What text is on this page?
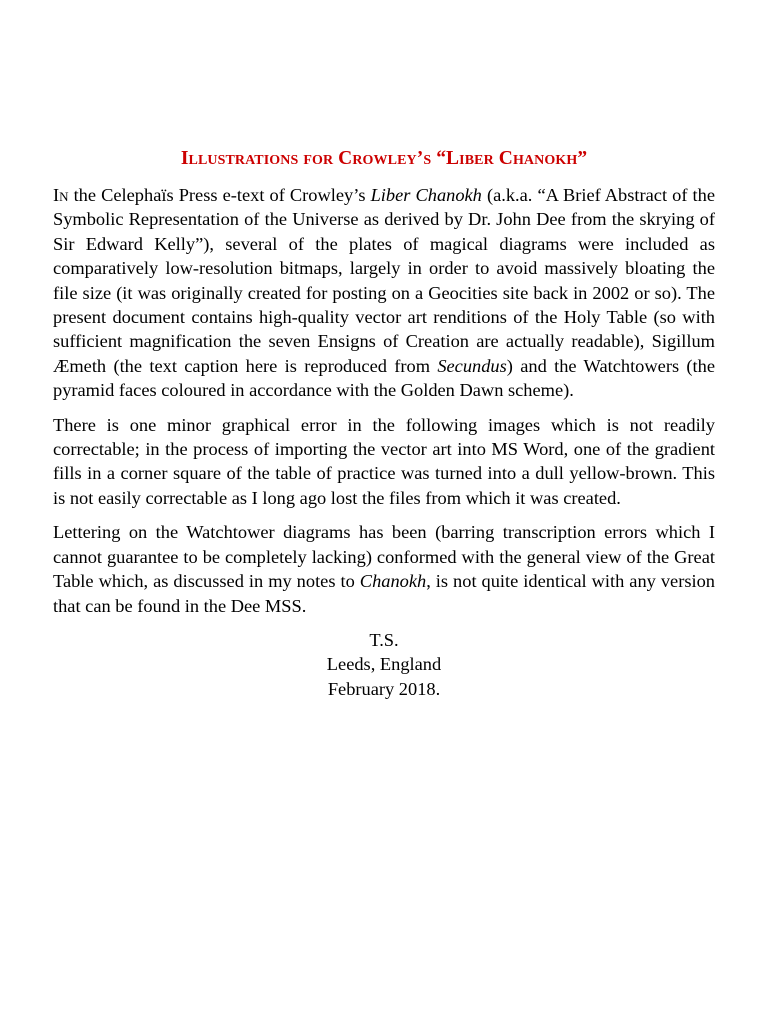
Illustrations for Crowley’s “Liber Chanokh”

In the Celephaïs Press e-text of Crowley’s Liber Chanokh (a.k.a. “A Brief Abstract of the Symbolic Representation of the Universe as derived by Dr. John Dee from the skrying of Sir Edward Kelly”), several of the plates of magical diagrams were included as comparatively low-resolution bitmaps, largely in order to avoid massively bloating the file size (it was originally created for posting on a Geocities site back in 2002 or so). The present document contains high-quality vector art renditions of the Holy Table (so with sufficient magnification the seven Ensigns of Creation are actually readable), Sigillum Æmeth (the text caption here is reproduced from Secundus) and the Watchtowers (the pyramid faces coloured in accordance with the Golden Dawn scheme).

There is one minor graphical error in the following images which is not readily correctable; in the process of importing the vector art into MS Word, one of the gradient fills in a corner square of the table of practice was turned into a dull yellow-brown. This is not easily correctable as I long ago lost the files from which it was created.

Lettering on the Watchtower diagrams has been (barring transcription errors which I cannot guarantee to be completely lacking) conformed with the general view of the Great Table which, as discussed in my notes to Chanokh, is not quite identical with any version that can be found in the Dee MSS.

T.S.
Leeds, England
February 2018.
